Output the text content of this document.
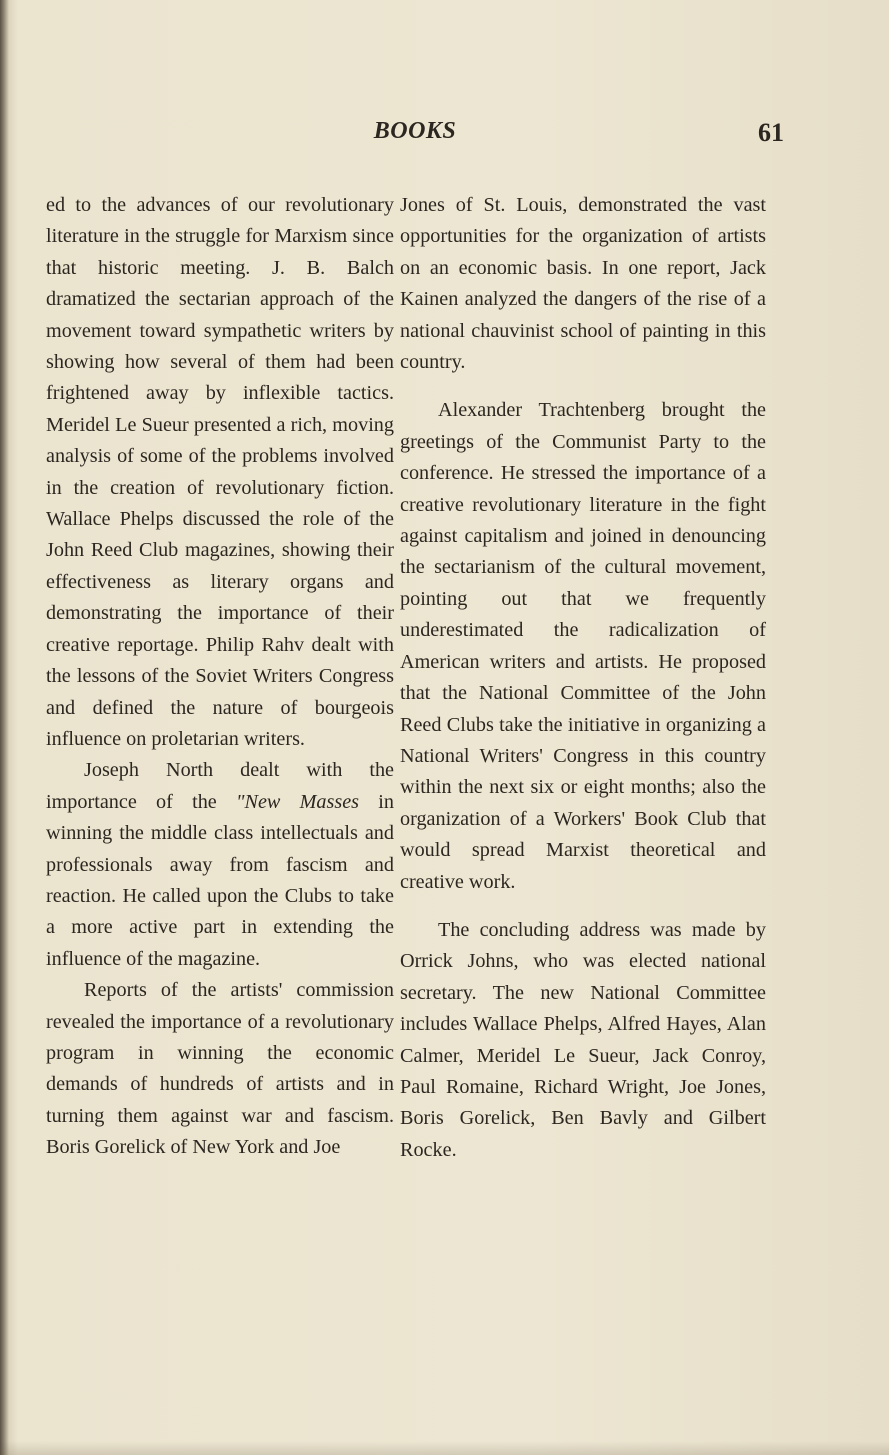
BOOKS	61

ed to the advances of our revolutionary literature in the struggle for Marxism since that historic meeting. J. B. Balch dramatized the sectarian approach of the movement toward sympathetic writers by showing how several of them had been frightened away by inflexible tactics. Meridel Le Sueur presented a rich, moving analysis of some of the problems involved in the creation of revolutionary fiction. Wallace Phelps discussed the role of the John Reed Club magazines, showing their effectiveness as literary organs and demonstrating the importance of their creative reportage. Philip Rahv dealt with the lessons of the Soviet Writers Congress and defined the nature of bourgeois influence on proletarian writers.

Joseph North dealt with the importance of the "New Masses in winning the middle class intellectuals and professionals away from fascism and reaction. He called upon the Clubs to take a more active part in extending the influence of the magazine.

Reports of the artists' commission revealed the importance of a revolutionary program in winning the economic demands of hundreds of artists and in turning them against war and fascism. Boris Gorelick of New York and Joe

Jones of St. Louis, demonstrated the vast opportunities for the organization of artists on an economic basis. In one report, Jack Kainen analyzed the dangers of the rise of a national chauvinist school of painting in this country.

Alexander Trachtenberg brought the greetings of the Communist Party to the conference. He stressed the importance of a creative revolutionary literature in the fight against capitalism and joined in denouncing the sectarianism of the cultural movement, pointing out that we frequently underestimated the radicalization of American writers and artists. He proposed that the National Committee of the John Reed Clubs take the initiative in organizing a National Writers' Congress in this country within the next six or eight months; also the organization of a Workers' Book Club that would spread Marxist theoretical and creative work.

The concluding address was made by Orrick Johns, who was elected national secretary. The new National Committee includes Wallace Phelps, Alfred Hayes, Alan Calmer, Meridel Le Sueur, Jack Conroy, Paul Romaine, Richard Wright, Joe Jones, Boris Gorelick, Ben Bavly and Gilbert Rocke.
